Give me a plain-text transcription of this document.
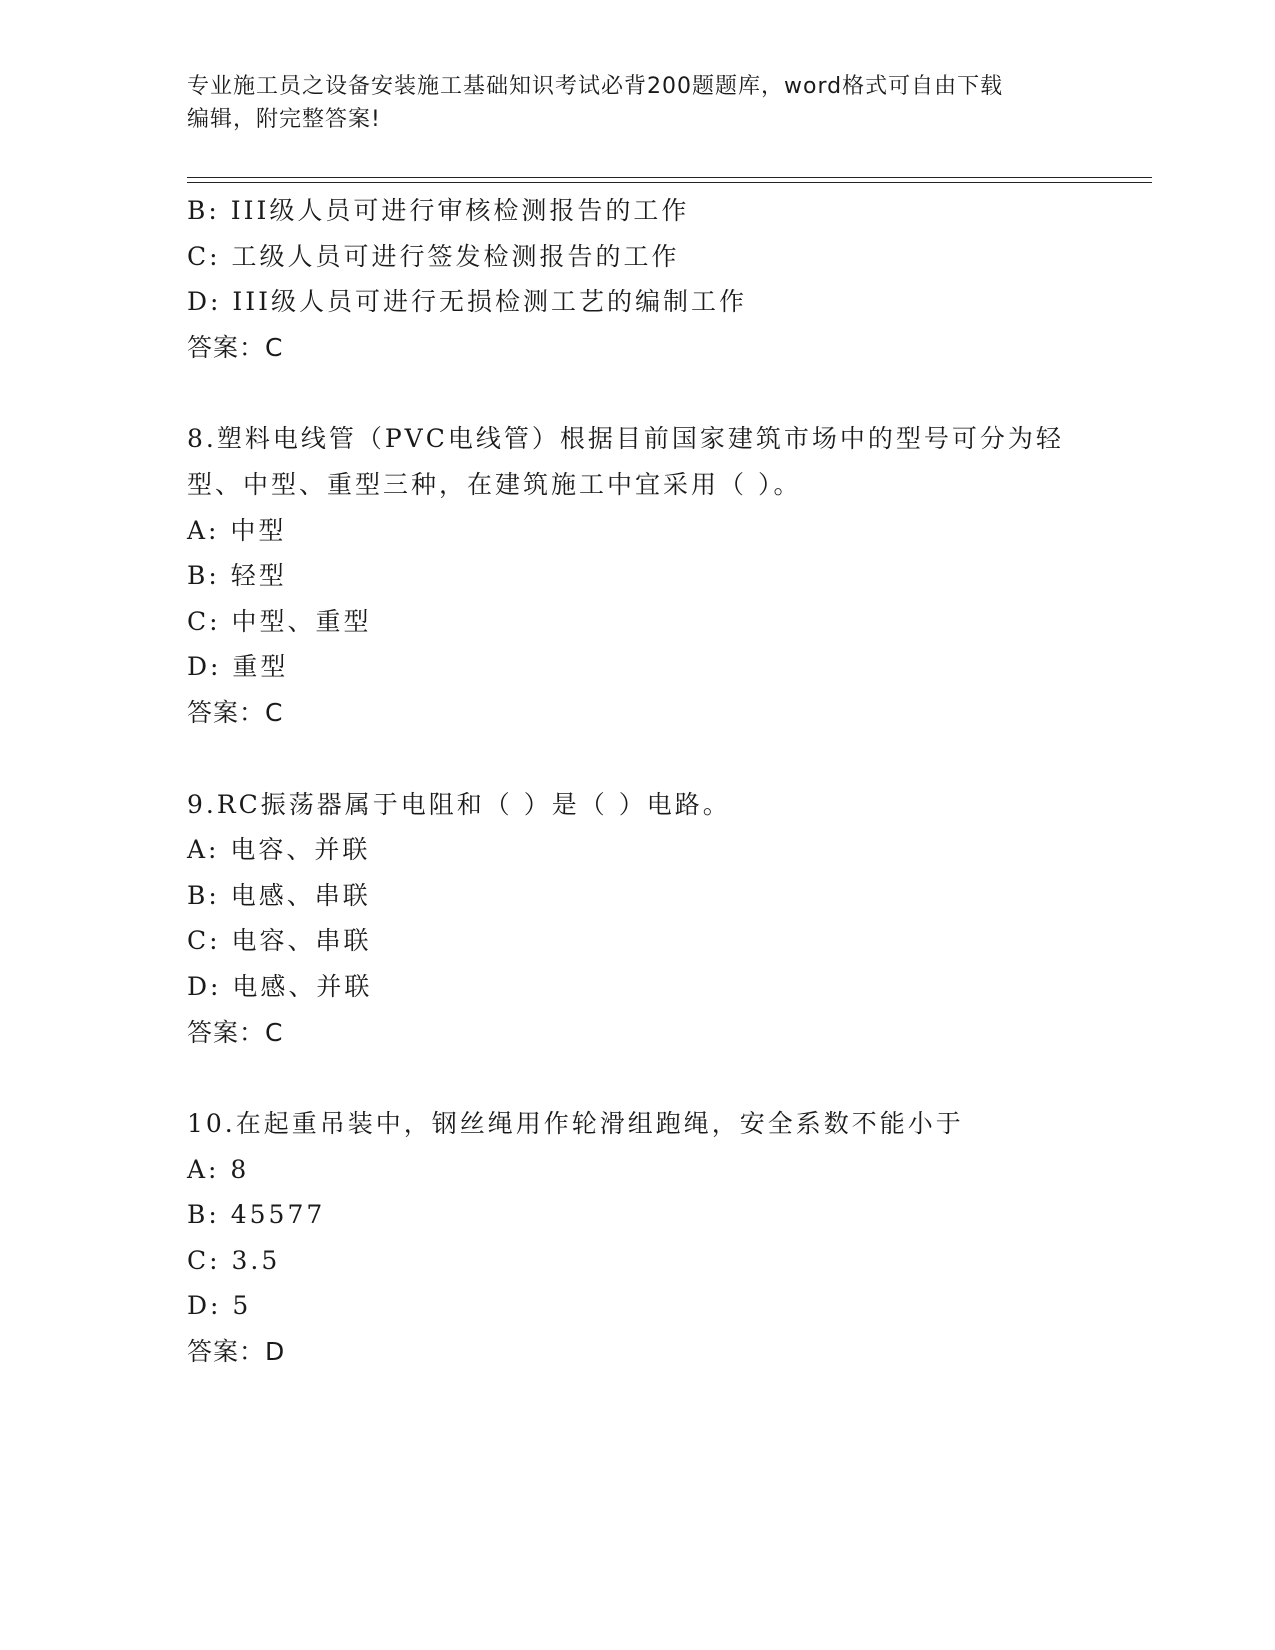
专业施工员之设备安装施工基础知识考试必背200题题库，word格式可自由下载
编辑，附完整答案!
B: III级人员可进行审核检测报告的工作
C: 工级人员可进行签发检测报告的工作
D: III级人员可进行无损检测工艺的编制工作
答案：C
8.塑料电线管（PVC电线管）根据目前国家建筑市场中的型号可分为轻
型、中型、重型三种，在建筑施工中宜采用（ ）。
A: 中型
B: 轻型
C: 中型、重型
D: 重型
答案：C
9.RC振荡器属于电阻和（ ）是（ ）电路。
A: 电容、并联
B: 电感、串联
C: 电容、串联
D: 电感、并联
答案：C
10.在起重吊装中，钢丝绳用作轮滑组跑绳，安全系数不能小于
A: 8
B: 45577
C: 3.5
D: 5
答案：D
